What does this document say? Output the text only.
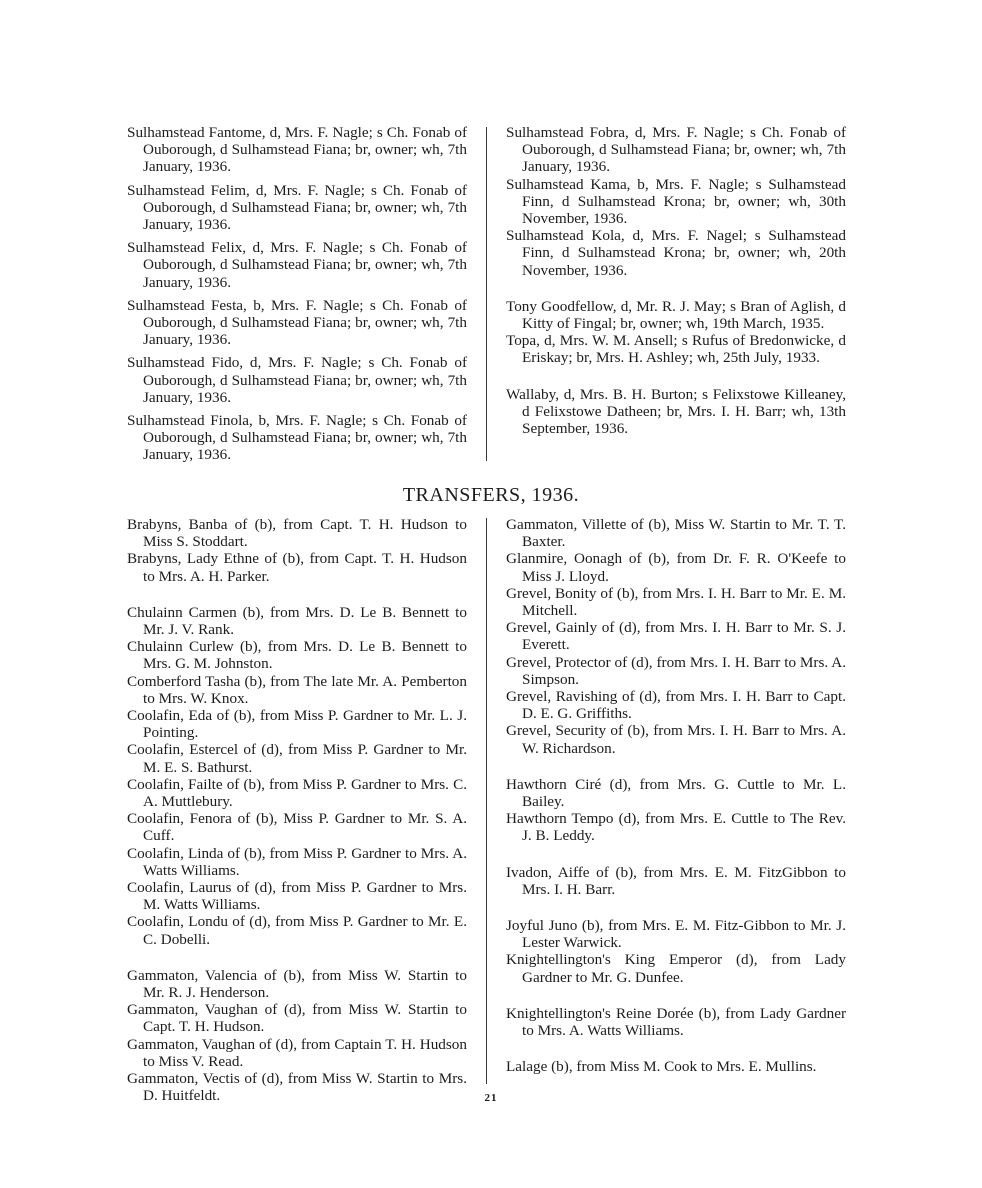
Sulhamstead Fantome, d, Mrs. F. Nagle; s Ch. Fonab of Ouborough, d Sulhamstead Fiana; br, owner; wh, 7th January, 1936.

Sulhamstead Felim, d, Mrs. F. Nagle; s Ch. Fonab of Ouborough, d Sulhamstead Fiana; br, owner; wh, 7th January, 1936.

Sulhamstead Felix, d, Mrs. F. Nagle; s Ch. Fonab of Ouborough, d Sulhamstead Fiana; br, owner; wh, 7th January, 1936.

Sulhamstead Festa, b, Mrs. F. Nagle; s Ch. Fonab of Ouborough, d Sulhamstead Fiana; br, owner; wh, 7th January, 1936.

Sulhamstead Fido, d, Mrs. F. Nagle; s Ch. Fonab of Ouborough, d Sulhamstead Fiana; br, owner; wh, 7th January, 1936.

Sulhamstead Finola, b, Mrs. F. Nagle; s Ch. Fonab of Ouborough, d Sulhamstead Fiana; br, owner; wh, 7th January, 1936.

Sulhamstead Fobra, d, Mrs. F. Nagle; s Ch. Fonab of Ouborough, d Sulhamstead Fiana; br, owner; wh, 7th January, 1936.

Sulhamstead Kama, b, Mrs. F. Nagle; s Sulhamstead Finn, d Sulhamstead Krona; br, owner; wh, 30th November, 1936.

Sulhamstead Kola, d, Mrs. F. Nagel; s Sulhamstead Finn, d Sulhamstead Krona; br, owner; wh, 20th November, 1936.

Tony Goodfellow, d, Mr. R. J. May; s Bran of Aglish, d Kitty of Fingal; br, owner; wh, 19th March, 1935.

Topa, d, Mrs. W. M. Ansell; s Rufus of Bredonwicke, d Eriskay; br, Mrs. H. Ashley; wh, 25th July, 1933.

Wallaby, d, Mrs. B. H. Burton; s Felixstowe Killeaney, d Felixstowe Datheen; br, Mrs. I. H. Barr; wh, 13th September, 1936.

TRANSFERS, 1936.

Brabyns, Banba of (b), from Capt. T. H. Hudson to Miss S. Stoddart.

Brabyns, Lady Ethne of (b), from Capt. T. H. Hudson to Mrs. A. H. Parker.

Chulainn Carmen (b), from Mrs. D. Le B. Bennett to Mr. J. V. Rank.

Chulainn Curlew (b), from Mrs. D. Le B. Bennett to Mrs. G. M. Johnston.

Comberford Tasha (b), from The late Mr. A. Pemberton to Mrs. W. Knox.

Coolafin, Eda of (b), from Miss P. Gardner to Mr. L. J. Pointing.

Coolafin, Estercel of (d), from Miss P. Gardner to Mr. M. E. S. Bathurst.

Coolafin, Failte of (b), from Miss P. Gardner to Mrs. C. A. Muttlebury.

Coolafin, Fenora of (b), Miss P. Gardner to Mr. S. A. Cuff.

Coolafin, Linda of (b), from Miss P. Gardner to Mrs. A. Watts Williams.

Coolafin, Laurus of (d), from Miss P. Gardner to Mrs. M. Watts Williams.

Coolafin, Londu of (d), from Miss P. Gardner to Mr. E. C. Dobelli.

Gammaton, Valencia of (b), from Miss W. Startin to Mr. R. J. Henderson.

Gammaton, Vaughan of (d), from Miss W. Startin to Capt. T. H. Hudson.

Gammaton, Vaughan of (d), from Captain T. H. Hudson to Miss V. Read.

Gammaton, Vectis of (d), from Miss W. Startin to Mrs. D. Huitfeldt.

Gammaton, Villette of (b), Miss W. Startin to Mr. T. T. Baxter.

Glanmire, Oonagh of (b), from Dr. F. R. O'Keefe to Miss J. Lloyd.

Grevel, Bonity of (b), from Mrs. I. H. Barr to Mr. E. M. Mitchell.

Grevel, Gainly of (d), from Mrs. I. H. Barr to Mr. S. J. Everett.

Grevel, Protector of (d), from Mrs. I. H. Barr to Mrs. A. Simpson.

Grevel, Ravishing of (d), from Mrs. I. H. Barr to Capt. D. E. G. Griffiths.

Grevel, Security of (b), from Mrs. I. H. Barr to Mrs. A. W. Richardson.

Hawthorn Ciré (d), from Mrs. G. Cuttle to Mr. L. Bailey.

Hawthorn Tempo (d), from Mrs. E. Cuttle to The Rev. J. B. Leddy.

Ivadon, Aiffe of (b), from Mrs. E. M. FitzGibbon to Mrs. I. H. Barr.

Joyful Juno (b), from Mrs. E. M. Fitz-Gibbon to Mr. J. Lester Warwick.

Knightellington's King Emperor (d), from Lady Gardner to Mr. G. Dunfee.

Knightellington's Reine Dorée (b), from Lady Gardner to Mrs. A. Watts Williams.

Lalage (b), from Miss M. Cook to Mrs. E. Mullins.

21
